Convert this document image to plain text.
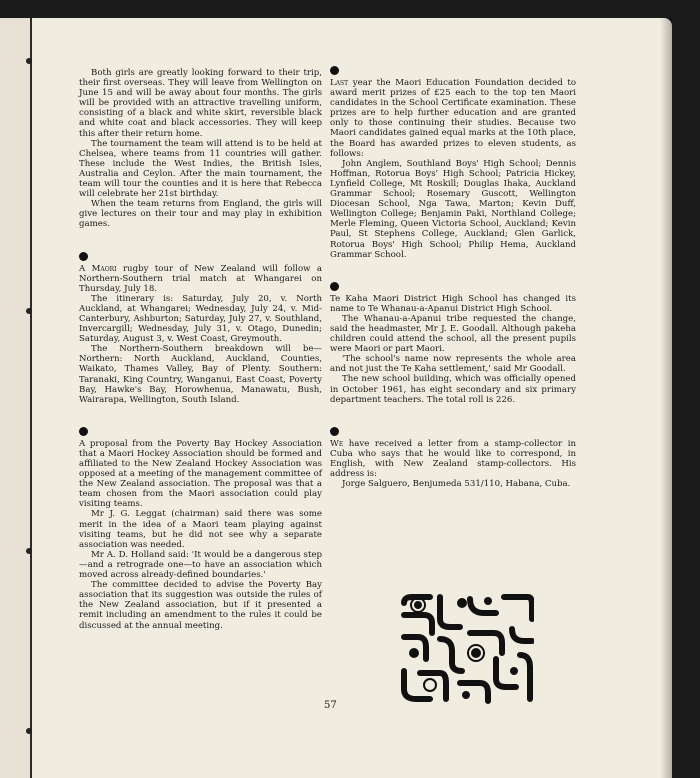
Both girls are greatly looking forward to their trip, their first overseas. They will leave from Wellington on June 15 and will be away about four months. The girls will be provided with an attractive travelling uniform, consisting of a black and white skirt, reversible black and white coat and black accessories. They will keep this after their return home.

The tournament the team will attend is to be held at Chelsea, where teams from 11 countries will gather. These include the West Indies, the British Isles, Australia and Ceylon. After the main tournament, the team will tour the counties and it is here that Rebecca will celebrate her 21st birthday.

When the team returns from England, the girls will give lectures on their tour and may play in exhibition games.

A Maori rugby tour of New Zealand will follow a Northern-Southern trial match at Whangarei on Thursday, July 18.

The itinerary is: Saturday, July 20, v. North Auckland, at Whangarei; Wednesday, July 24, v. Mid-Canterbury, Ashburton; Saturday, July 27, v. Southland, Invercargill; Wednesday, July 31, v. Otago, Dunedin; Saturday, August 3, v. West Coast, Greymouth.

The Northern-Southern breakdown will be— Northern: North Auckland, Auckland, Counties, Waikato, Thames Valley, Bay of Plenty. Southern: Taranaki, King Country, Wanganui, East Coast, Poverty Bay, Hawke's Bay, Horowhenua, Manawatu, Bush, Wairarapa, Wellington, South Island.

A proposal from the Poverty Bay Hockey Association that a Maori Hockey Association should be formed and affiliated to the New Zealand Hockey Association was opposed at a meeting of the management committee of the New Zealand association. The proposal was that a team chosen from the Maori association could play visiting teams.

Mr J. G. Leggat (chairman) said there was some merit in the idea of a Maori team playing against visiting teams, but he did not see why a separate association was needed.

Mr A. D. Holland said: 'It would be a dangerous step—and a retrograde one—to have an association which moved across already-defined boundaries.'

The committee decided to advise the Poverty Bay association that its suggestion was outside the rules of the New Zealand association, but if it presented a remit including an amendment to the rules it could be discussed at the annual meeting.

Last year the Maori Education Foundation decided to award merit prizes of £25 each to the top ten Maori candidates in the School Certificate examination. These prizes are to help further education and are granted only to those continuing their studies. Because two Maori candidates gained equal marks at the 10th place, the Board has awarded prizes to eleven students, as follows:

John Anglem, Southland Boys' High School; Dennis Hoffman, Rotorua Boys' High School; Patricia Hickey, Lynfield College, Mt Roskill; Douglas Ihaka, Auckland Grammar School; Rosemary Guscott, Wellington Diocesan School, Nga Tawa, Marton; Kevin Duff, Wellington College; Benjamin Paki, Northland College; Merle Fleming, Queen Victoria School, Auckland; Kevin Paul, St Stephens College, Auckland; Glen Garlick, Rotorua Boys' High School; Philip Hema, Auckland Grammar School.

Te Kaha Maori District High School has changed its name to Te Whanau-a-Apanui District High School.

The Whanau-a-Apanui tribe requested the change, said the headmaster, Mr J. E. Goodall. Although pakeha children could attend the school, all the present pupils were Maori or part Maori.

'The school's name now represents the whole area and not just the Te Kaha settlement,' said Mr Goodall.

The new school building, which was officially opened in October 1961, has eight secondary and six primary department teachers. The total roll is 226.

We have received a letter from a stamp-collector in Cuba who says that he would like to correspond, in English, with New Zealand stamp-collectors. His address is:

Jorge Salguero, Benjumeda 531/110, Habana, Cuba.

57
